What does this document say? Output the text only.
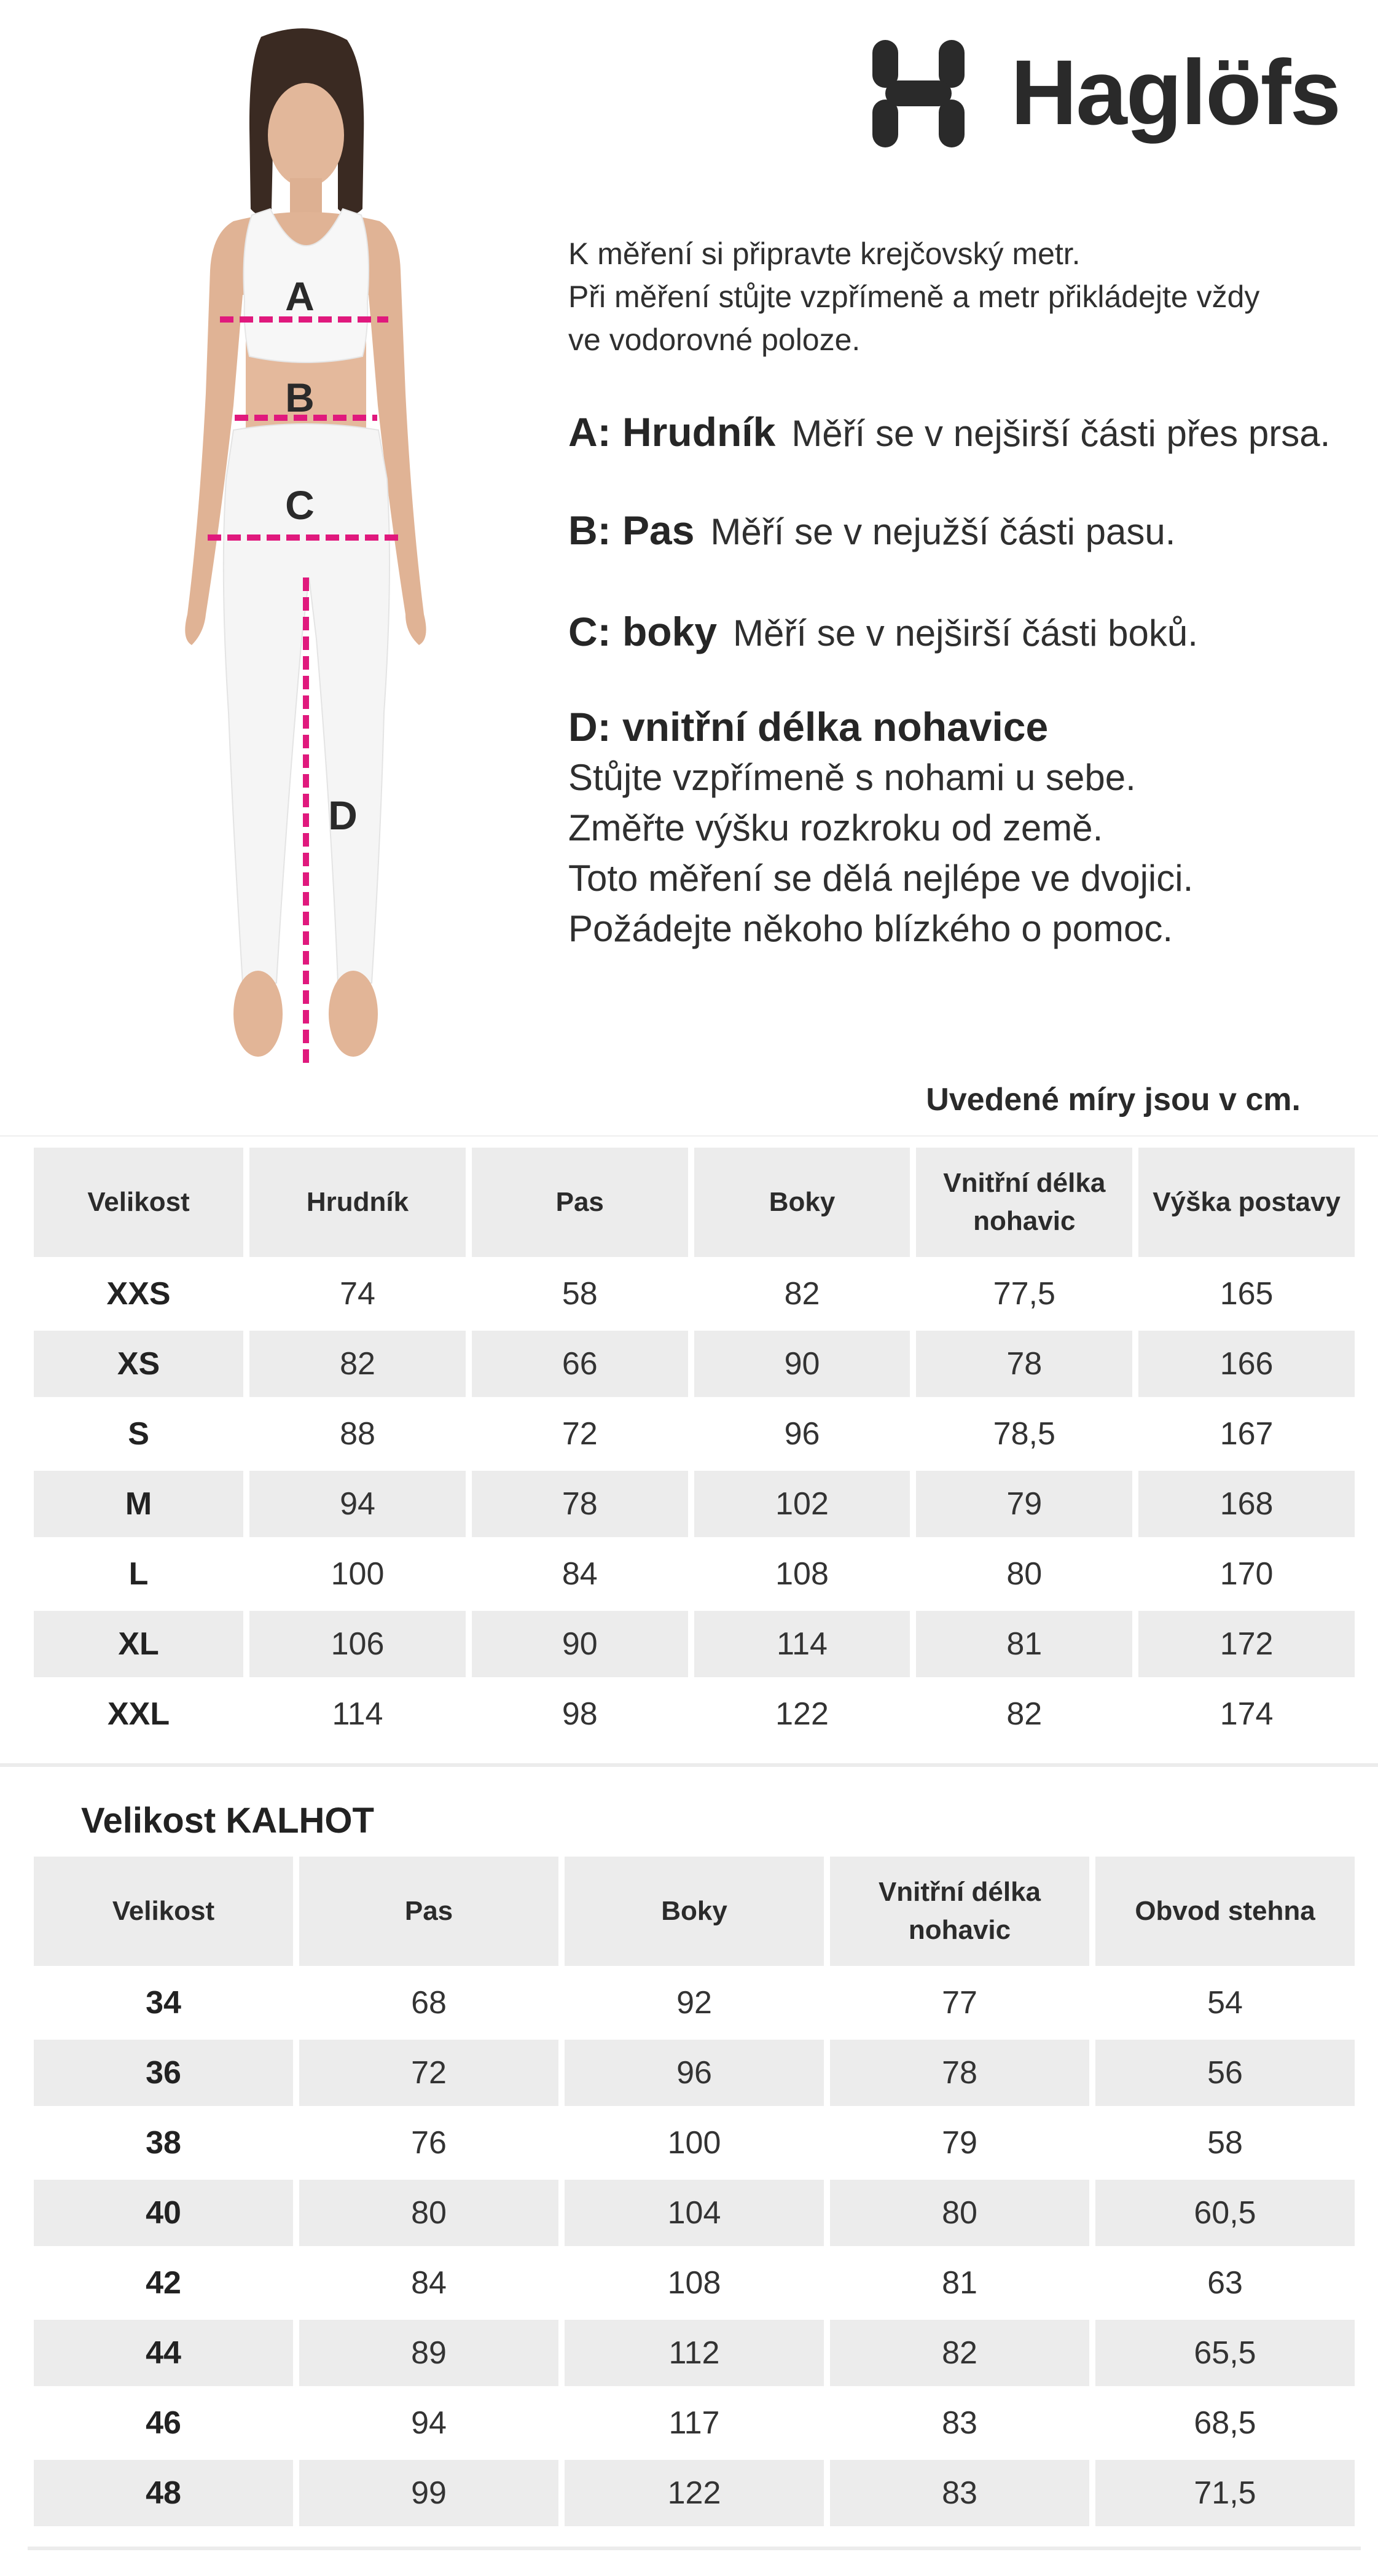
A
B
C
D
Haglöfs
K měření si připravte krejčovský metr.
Při měření stůjte vzpřímeně a metr přikládejte vždy
ve vodorovné poloze.
A: Hrudník Měří se v nejširší části přes prsa.
B: Pas Měří se v nejužší části pasu.
C: boky Měří se v nejširší části boků.
D: vnitřní délka nohavice
Stůjte vzpřímeně s nohami u sebe.
Změřte výšku rozkroku od země.
Toto měření se dělá nejlépe ve dvojici.
Požádejte někoho blízkého o pomoc.
Uvedené míry jsou v cm.
Velikost	Hrudník	Pas	Boky	Vnitřní délka nohavic	Výška postavy
XXS	74	58	82	77,5	165
XS	82	66	90	78	166
S	88	72	96	78,5	167
M	94	78	102	79	168
L	100	84	108	80	170
XL	106	90	114	81	172
XXL	114	98	122	82	174
Velikost KALHOT
Velikost	Pas	Boky	Vnitřní délka nohavic	Obvod stehna
34	68	92	77	54
36	72	96	78	56
38	76	100	79	58
40	80	104	80	60,5
42	84	108	81	63
44	89	112	82	65,5
46	94	117	83	68,5
48	99	122	83	71,5
